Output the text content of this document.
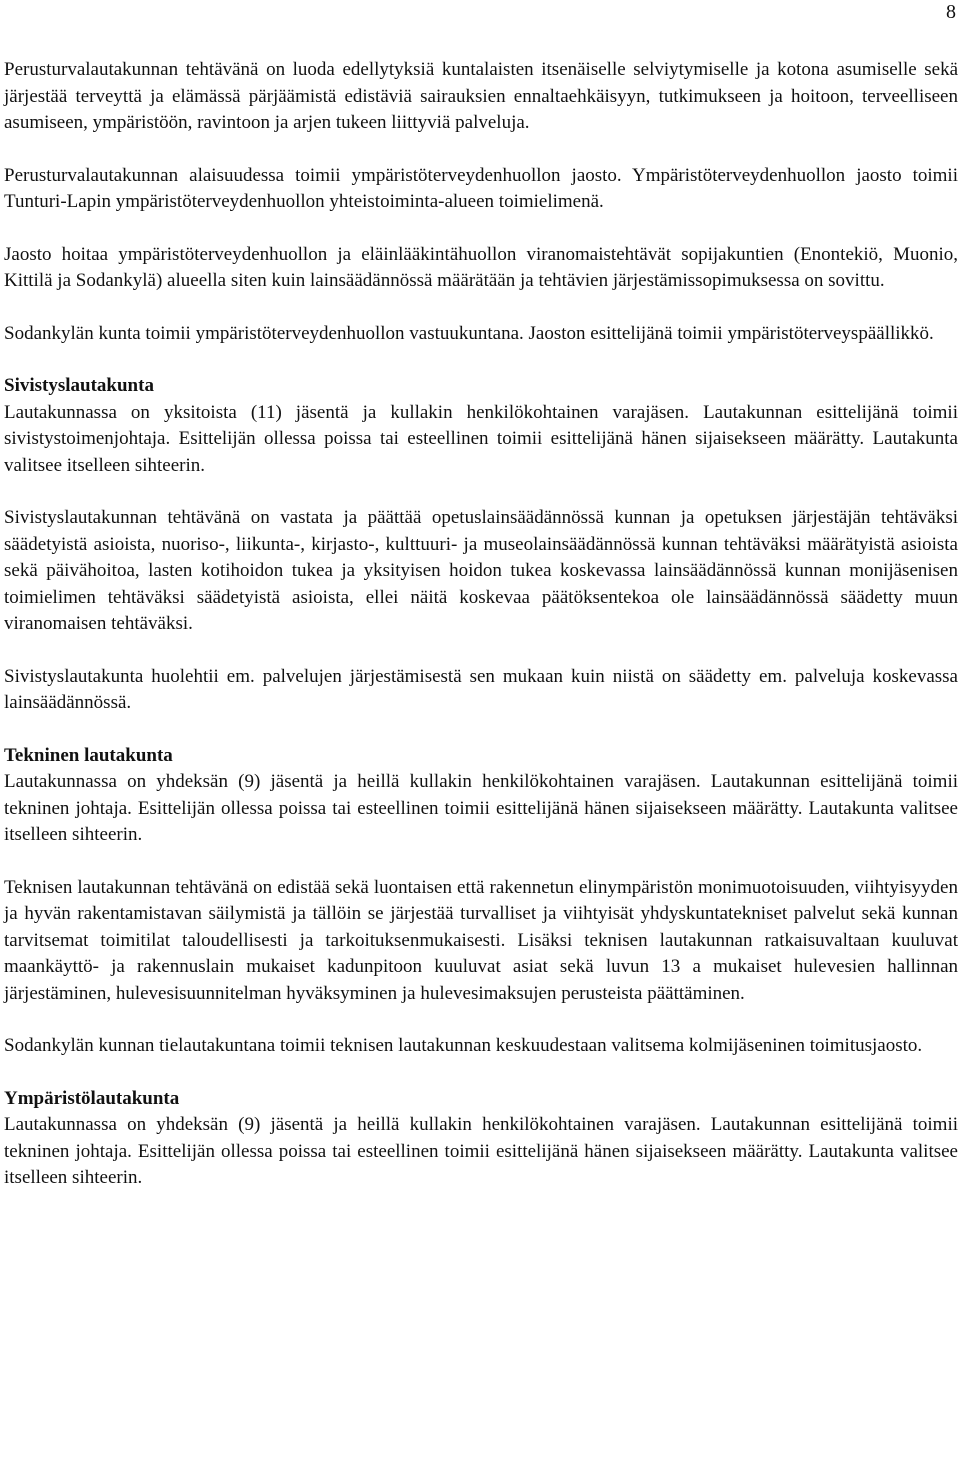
8

Perusturvalautakunnan tehtävänä on luoda edellytyksiä kuntalaisten itsenäiselle selviytymiselle ja kotona asumiselle sekä järjestää terveyttä ja elämässä pärjäämistä edistäviä sairauksien ennaltaehkäisyyn, tutkimukseen ja hoitoon, terveelliseen asumiseen, ympäristöön, ravintoon ja arjen tukeen liittyviä palveluja.

Perusturvalautakunnan alaisuudessa toimii ympäristöterveydenhuollon jaosto. Ympäristöterveydenhuollon jaosto toimii Tunturi-Lapin ympäristöterveydenhuollon yhteistoiminta-alueen toimielimenä.

Jaosto hoitaa ympäristöterveydenhuollon ja eläinlääkintähuollon viranomaistehtävät sopijakuntien (Enontekiö, Muonio, Kittilä ja Sodankylä) alueella siten kuin lainsäädännössä määrätään ja tehtävien järjestämissopimuksessa on sovittu.

Sodankylän kunta toimii ympäristöterveydenhuollon vastuukuntana. Jaoston esittelijänä toimii ympäristöterveyspäällikkö.

Sivistyslautakunta

Lautakunnassa on yksitoista (11) jäsentä ja kullakin henkilökohtainen varajäsen. Lautakunnan esittelijänä toimii sivistystoimenjohtaja. Esittelijän ollessa poissa tai esteellinen toimii esittelijänä hänen sijaisekseen määrätty. Lautakunta valitsee itselleen sihteerin.

Sivistyslautakunnan tehtävänä on vastata ja päättää opetuslainsäädännössä kunnan ja opetuksen järjestäjän tehtäväksi säädetyistä asioista, nuoriso-, liikunta-, kirjasto-, kulttuuri- ja museolainsäädännössä kunnan tehtäväksi määrätyistä asioista sekä päivähoitoa, lasten kotihoidon tukea ja yksityisen hoidon tukea koskevassa lainsäädännössä kunnan monijäsenisen toimielimen tehtäväksi säädetyistä asioista, ellei näitä koskevaa päätöksentekoa ole lainsäädännössä säädetty muun viranomaisen tehtäväksi.

Sivistyslautakunta huolehtii em. palvelujen järjestämisestä sen mukaan kuin niistä on säädetty em. palveluja koskevassa lainsäädännössä.

Tekninen lautakunta

Lautakunnassa on yhdeksän (9) jäsentä ja heillä kullakin henkilökohtainen varajäsen. Lautakunnan esittelijänä toimii tekninen johtaja. Esittelijän ollessa poissa tai esteellinen toimii esittelijänä hänen sijaisekseen määrätty. Lautakunta valitsee itselleen sihteerin.

Teknisen lautakunnan tehtävänä on edistää sekä luontaisen että rakennetun elinympäristön monimuotoisuuden, viihtyisyyden ja hyvän rakentamistavan säilymistä ja tällöin se järjestää turvalliset ja viihtyisät yhdyskuntatekniset palvelut sekä kunnan tarvitsemat toimitilat taloudellisesti ja tarkoituksenmukaisesti. Lisäksi teknisen lautakunnan ratkaisuvaltaan kuuluvat maankäyttö- ja rakennuslain mukaiset kadunpitoon kuuluvat asiat sekä luvun 13 a mukaiset hulevesien hallinnan järjestäminen, hulevesisuunnitelman hyväksyminen ja hulevesimaksujen perusteista päättäminen.

Sodankylän kunnan tielautakuntana toimii teknisen lautakunnan keskuudestaan valitsema kolmijäseninen toimitusjaosto.

Ympäristölautakunta

Lautakunnassa on yhdeksän (9) jäsentä ja heillä kullakin henkilökohtainen varajäsen. Lautakunnan esittelijänä toimii tekninen johtaja. Esittelijän ollessa poissa tai esteellinen toimii esittelijänä hänen sijaisekseen määrätty. Lautakunta valitsee itselleen sihteerin.
